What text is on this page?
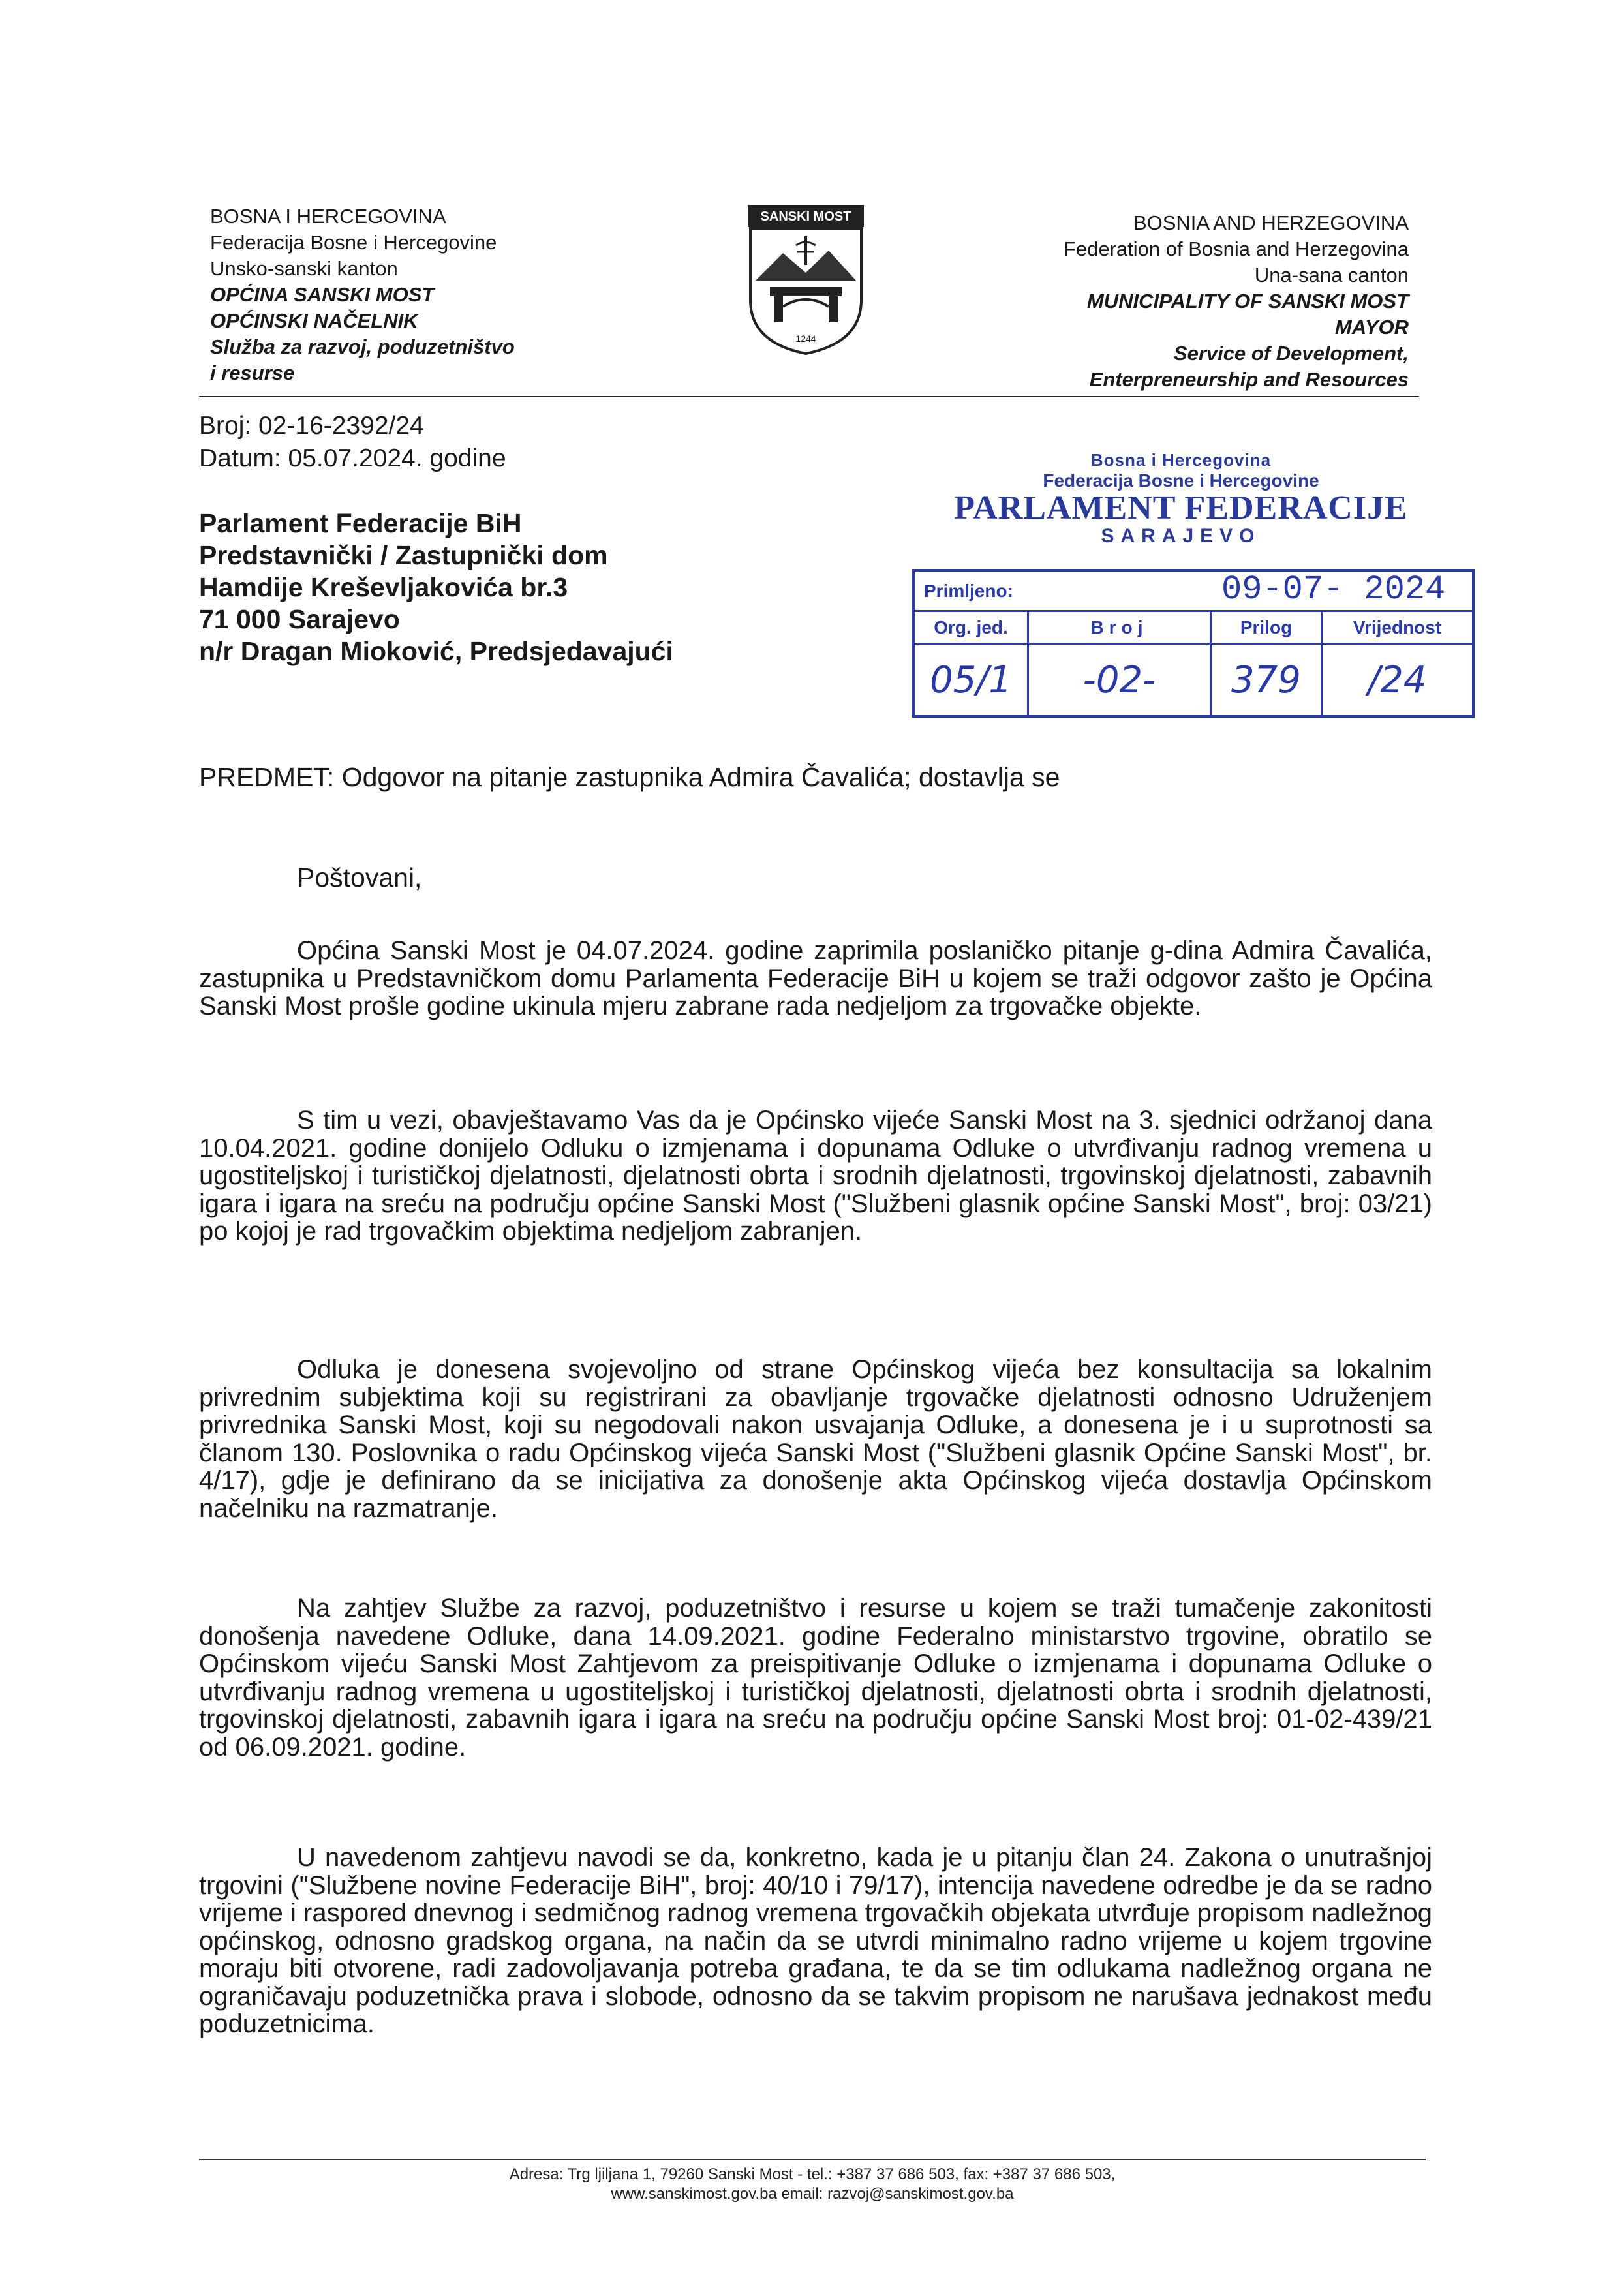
BOSNA I HERCEGOVINA
Federacija Bosne i Hercegovine
Unsko-sanski kanton
OPĆINA SANSKI MOST
OPĆINSKI NAČELNIK
Služba za razvoj, poduzetništvo
i resurse
SANSKI MOST
1244
BOSNIA AND HERZEGOVINA
Federation of Bosnia and Herzegovina
Una-sana canton
MUNICIPALITY OF SANSKI MOST
MAYOR
Service of Development,
Enterpreneurship and Resources
Broj: 02-16-2392/24
Datum: 05.07.2024. godine
Parlament Federacije BiH
Predstavnički / Zastupnički dom
Hamdije Kreševljakovića br.3
71 000 Sarajevo
n/r Dragan Mioković, Predsjedavajući
Bosna i Hercegovina
Federacija Bosne i Hercegovine
PARLAMENT FEDERACIJE
SARAJEVO
Primljeno:	09-07- 2024
Org. jed.	Broj	Prilog	Vrijednost
05/1	-02-	379	/24
PREDMET: Odgovor na pitanje zastupnika Admira Čavalića; dostavlja se
Poštovani,

Općina Sanski Most je 04.07.2024. godine zaprimila poslaničko pitanje g-dina Admira Čavalića, zastupnika u Predstavničkom domu Parlamenta Federacije BiH u kojem se traži odgovor zašto je Općina Sanski Most prošle godine ukinula mjeru zabrane rada nedjeljom za trgovačke objekte.

S tim u vezi, obavještavamo Vas da je Općinsko vijeće Sanski Most na 3. sjednici održanoj dana 10.04.2021. godine donijelo Odluku o izmjenama i dopunama Odluke o utvrđivanju radnog vremena u ugostiteljskoj i turističkoj djelatnosti, djelatnosti obrta i srodnih djelatnosti, trgovinskoj djelatnosti, zabavnih igara i igara na sreću na području općine Sanski Most ("Službeni glasnik općine Sanski Most", broj: 03/21) po kojoj je rad trgovačkim objektima nedjeljom zabranjen.

Odluka je donesena svojevoljno od strane Općinskog vijeća bez konsultacija sa lokalnim privrednim subjektima koji su registrirani za obavljanje trgovačke djelatnosti odnosno Udruženjem privrednika Sanski Most, koji su negodovali nakon usvajanja Odluke, a donesena je i u suprotnosti sa članom 130. Poslovnika o radu Općinskog vijeća Sanski Most ("Službeni glasnik Općine Sanski Most", br. 4/17), gdje je definirano da se inicijativa za donošenje akta Općinskog vijeća dostavlja Općinskom načelniku na razmatranje.

Na zahtjev Službe za razvoj, poduzetništvo i resurse u kojem se traži tumačenje zakonitosti donošenja navedene Odluke, dana 14.09.2021. godine Federalno ministarstvo trgovine, obratilo se Općinskom vijeću Sanski Most Zahtjevom za preispitivanje Odluke o izmjenama i dopunama Odluke o utvrđivanju radnog vremena u ugostiteljskoj i turističkoj djelatnosti, djelatnosti obrta i srodnih djelatnosti, trgovinskoj djelatnosti, zabavnih igara i igara na sreću na području općine Sanski Most broj: 01-02-439/21 od 06.09.2021. godine.

U navedenom zahtjevu navodi se da, konkretno, kada je u pitanju član 24. Zakona o unutrašnjoj trgovini ("Službene novine Federacije BiH", broj: 40/10 i 79/17), intencija navedene odredbe je da se radno vrijeme i raspored dnevnog i sedmičnog radnog vremena trgovačkih objekata utvrđuje propisom nadležnog općinskog, odnosno gradskog organa, na način da se utvrdi minimalno radno vrijeme u kojem trgovine moraju biti otvorene, radi zadovoljavanja potreba građana, te da se tim odlukama nadležnog organa ne ograničavaju poduzetnička prava i slobode, odnosno da se takvim propisom ne narušava jednakost među poduzetnicima.

Adresa: Trg ljiljana 1, 79260 Sanski Most - tel.: +387 37 686 503, fax: +387 37 686 503,
www.sanskimost.gov.ba email: razvoj@sanskimost.gov.ba
